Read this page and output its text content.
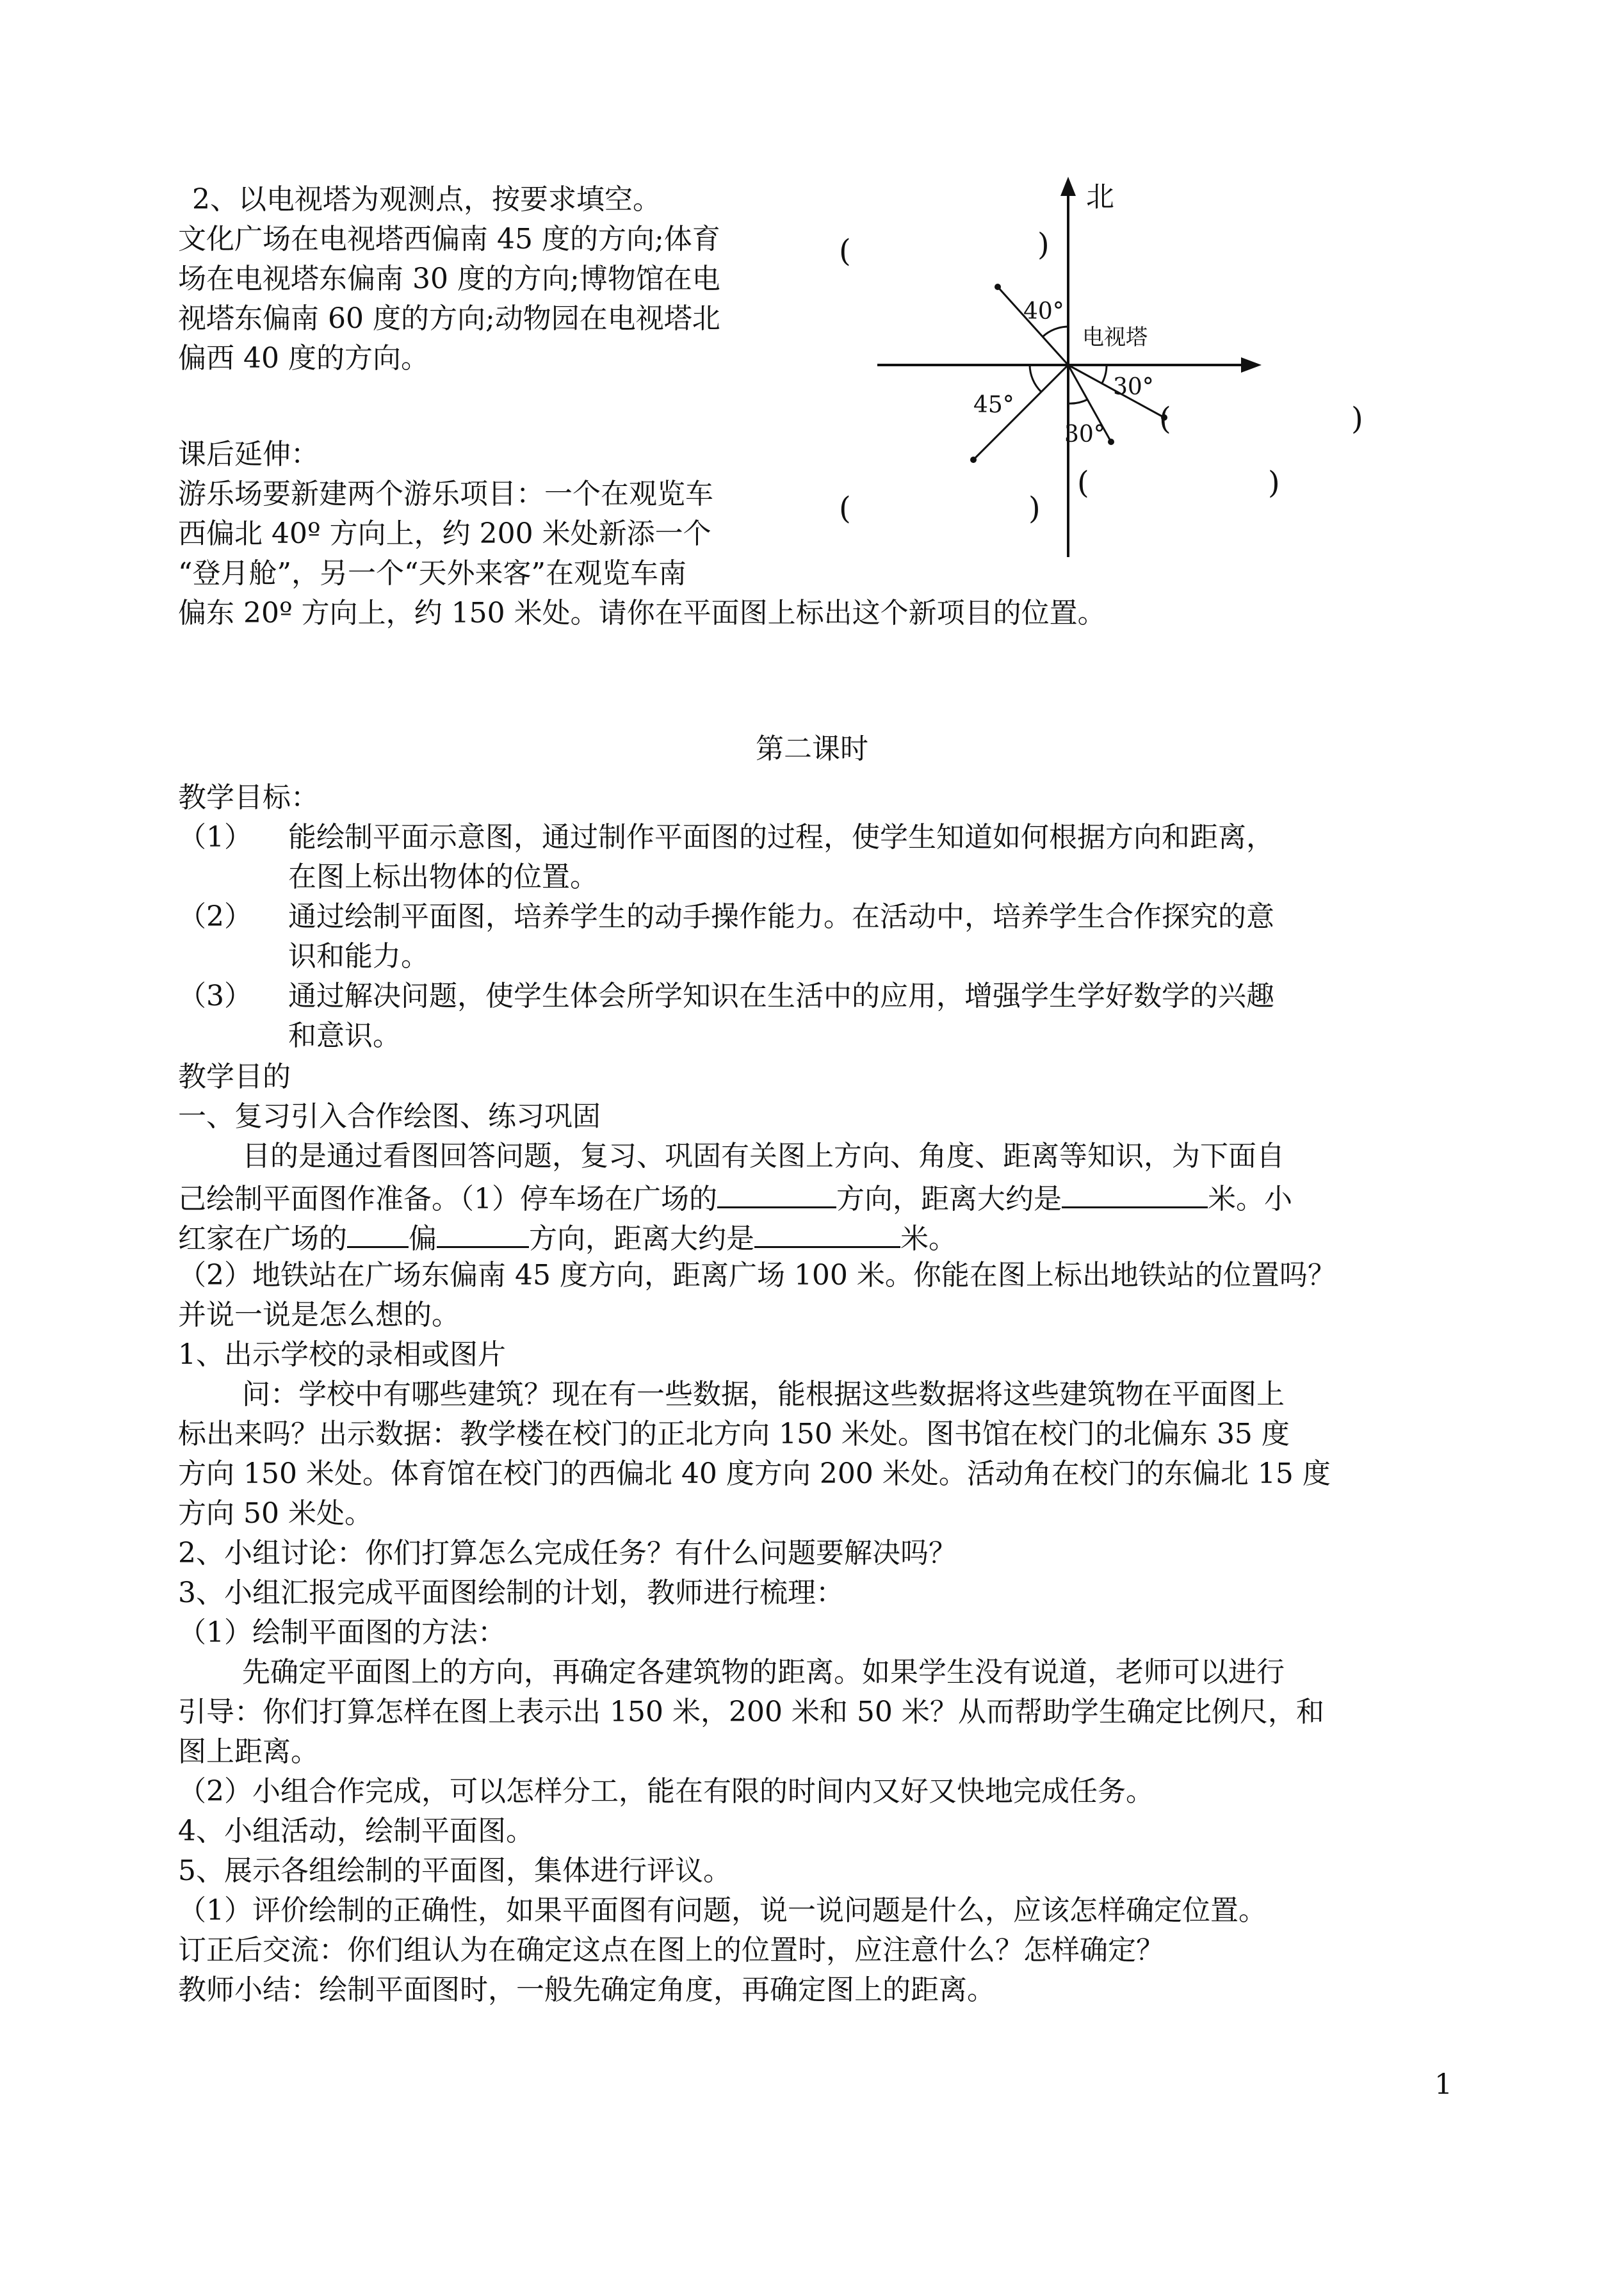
2、以电视塔为观测点，按要求填空。
文化广场在电视塔西偏南 45 度的方向;体育
场在电视塔东偏南 30 度的方向;博物馆在电
视塔东偏南 60 度的方向;动物园在电视塔北
偏西 40 度的方向。
课后延伸：
游乐场要新建两个游乐项目：一个在观览车
西偏北 40º 方向上，约 200 米处新添一个
“登月舱”，另一个“天外来客”在观览车南
偏东 20º 方向上，约 150 米处。请你在平面图上标出这个新项目的位置。
北
电视塔
40°
45°
30°
30°
(	)
(	)
(	)
(	)
第二课时
教学目标：
（1） 能绘制平面示意图，通过制作平面图的过程，使学生知道如何根据方向和距离，
在图上标出物体的位置。
（2） 通过绘制平面图，培养学生的动手操作能力。在活动中，培养学生合作探究的意
识和能力。
（3） 通过解决问题，使学生体会所学知识在生活中的应用，增强学生学好数学的兴趣
和意识。
教学目的
一、复习引入合作绘图、练习巩固
目的是通过看图回答问题，复习、巩固有关图上方向、角度、距离等知识，为下面自
己绘制平面图作准备。（1）停车场在广场的	方向，距离大约是	米。小
红家在广场的 偏	方向，距离大约是	米。
（2）地铁站在广场东偏南 45 度方向，距离广场 100 米。你能在图上标出地铁站的位置吗？
并说一说是怎么想的。
1、出示学校的录相或图片
问：学校中有哪些建筑？现在有一些数据，能根据这些数据将这些建筑物在平面图上
标出来吗？出示数据：教学楼在校门的正北方向 150 米处。图书馆在校门的北偏东 35 度
方向 150 米处。体育馆在校门的西偏北 40 度方向 200 米处。活动角在校门的东偏北 15 度
方向 50 米处。
2、小组讨论：你们打算怎么完成任务？有什么问题要解决吗？
3、小组汇报完成平面图绘制的计划，教师进行梳理：
（1）绘制平面图的方法：
先确定平面图上的方向，再确定各建筑物的距离。如果学生没有说道，老师可以进行
引导：你们打算怎样在图上表示出 150 米，200 米和 50 米？从而帮助学生确定比例尺，和
图上距离。
（2）小组合作完成，可以怎样分工，能在有限的时间内又好又快地完成任务。
4、小组活动，绘制平面图。
5、展示各组绘制的平面图，集体进行评议。
（1）评价绘制的正确性，如果平面图有问题，说一说问题是什么，应该怎样确定位置。
订正后交流：你们组认为在确定这点在图上的位置时，应注意什么？怎样确定？
教师小结：绘制平面图时，一般先确定角度，再确定图上的距离。
1
